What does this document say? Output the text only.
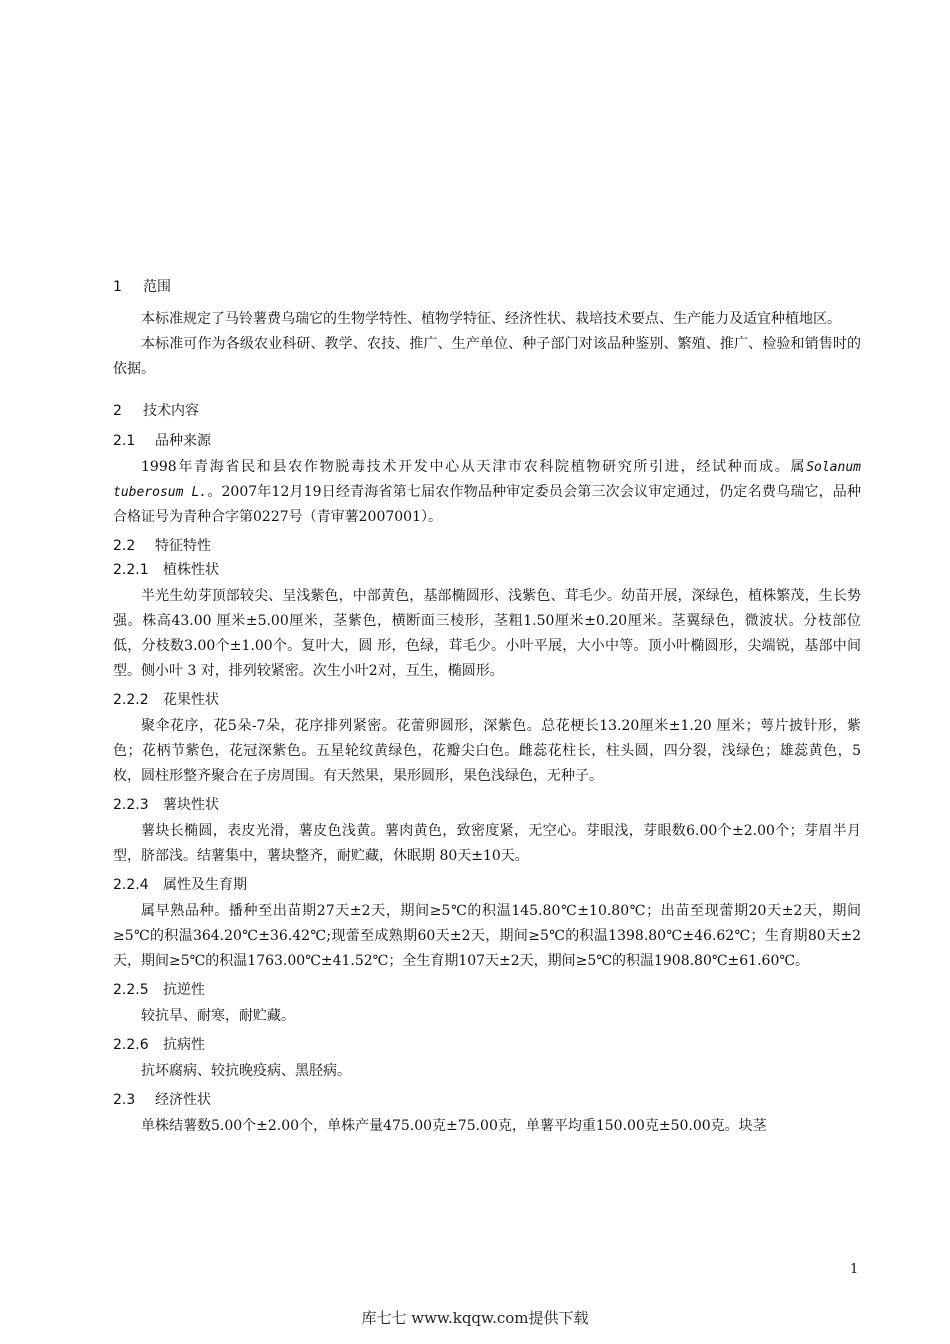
1 范围

本标准规定了马铃薯费乌瑞它的生物学特性、植物学特征、经济性状、栽培技术要点、生产能力及适宜种植地区。

本标准可作为各级农业科研、教学、农技、推广、生产单位、种子部门对该品种鉴别、繁殖、推广、检验和销售时的依据。

2 技术内容
2.1 品种来源

1998年青海省民和县农作物脱毒技术开发中心从天津市农科院植物研究所引进，经试种而成。属Solanum tuberosum L.。2007年12月19日经青海省第七届农作物品种审定委员会第三次会议审定通过，仍定名费乌瑞它，品种合格证号为青种合字第0227号（青审薯2007001）。

2.2 特征特性
2.2.1 植株性状

半光生幼芽顶部较尖、呈浅紫色，中部黄色，基部椭圆形、浅紫色、茸毛少。幼苗开展，深绿色，植株繁茂，生长势强。株高43.00 厘米±5.00厘米，茎紫色，横断面三棱形，茎粗1.50厘米±0.20厘米。茎翼绿色，微波状。分枝部位低，分枝数3.00个±1.00个。复叶大，圆 形，色绿，茸毛少。小叶平展，大小中等。顶小叶椭圆形，尖端锐，基部中间型。侧小叶 3 对，排列较紧密。次生小叶2对，互生，椭圆形。

2.2.2 花果性状

聚伞花序，花5朵-7朵，花序排列紧密。花蕾卵圆形，深紫色。总花梗长13.20厘米±1.20 厘米；萼片披针形，紫色；花柄节紫色，花冠深紫色。五星轮纹黄绿色，花瓣尖白色。雌蕊花柱长，柱头圆，四分裂，浅绿色；雄蕊黄色，5枚，圆柱形整齐聚合在子房周围。有天然果，果形圆形，果色浅绿色，无种子。

2.2.3 薯块性状

薯块长椭圆，表皮光滑，薯皮色浅黄。薯肉黄色，致密度紧，无空心。芽眼浅，芽眼数6.00个±2.00个；芽眉半月型，脐部浅。结薯集中，薯块整齐，耐贮藏，休眠期 80天±10天。

2.2.4 属性及生育期

属早熟品种。播种至出苗期27天±2天，期间≥5℃的积温145.80℃±10.80℃；出苗至现蕾期20天±2天，期间≥5℃的积温364.20℃±36.42℃;现蕾至成熟期60天±2天，期间≥5℃的积温1398.80℃±46.62℃；生育期80天±2天，期间≥5℃的积温1763.00℃±41.52℃；全生育期107天±2天，期间≥5℃的积温1908.80℃±61.60℃。

2.2.5 抗逆性

较抗旱、耐寒，耐贮藏。

2.2.6 抗病性

抗坏腐病、较抗晚疫病、黑胫病。

2.3 经济性状

单株结薯数5.00个±2.00个，单株产量475.00克±75.00克，单薯平均重150.00克±50.00克。块茎

1
库七七 www.kqqw.com提供下载
